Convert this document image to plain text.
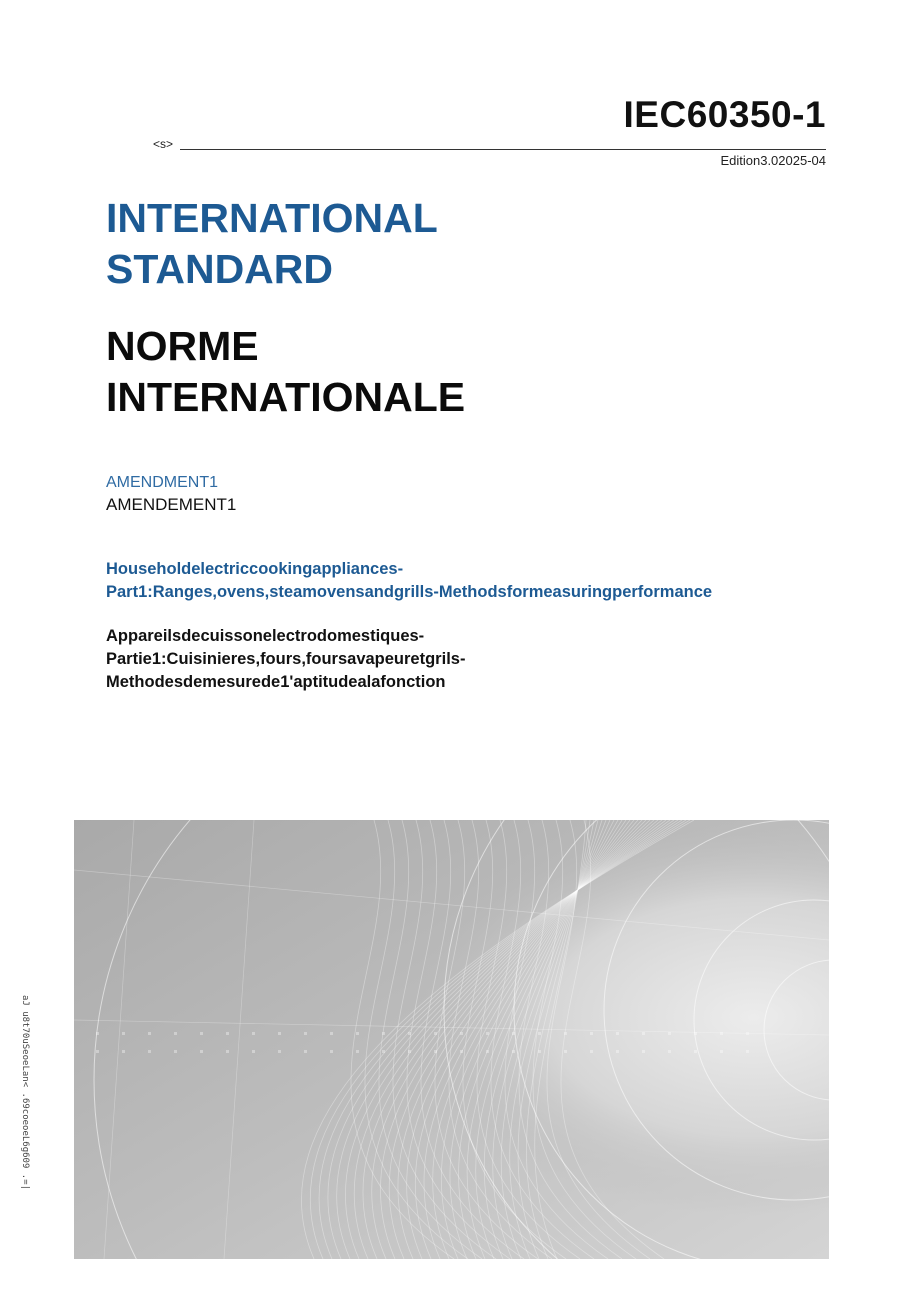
IEC60350-1
<s>
Edition3.02025-04
INTERNATIONAL
STANDARD
NORME
INTERNATIONALE
AMENDMENT1
AMENDEMENT1
Householdelectriccookingappliances-
Part1:Ranges,ovens,steamovensandgrills-Methodsformeasuringperformance
Appareilsdecuissonelectrodomestiques-
Partie1:Cuisinieres,fours,foursavapeuretgrils-
Methodesdemesurede1'aptitudealafonction
aJ u8t70uSeoeLan< .69coeoeL6g609 .=|
